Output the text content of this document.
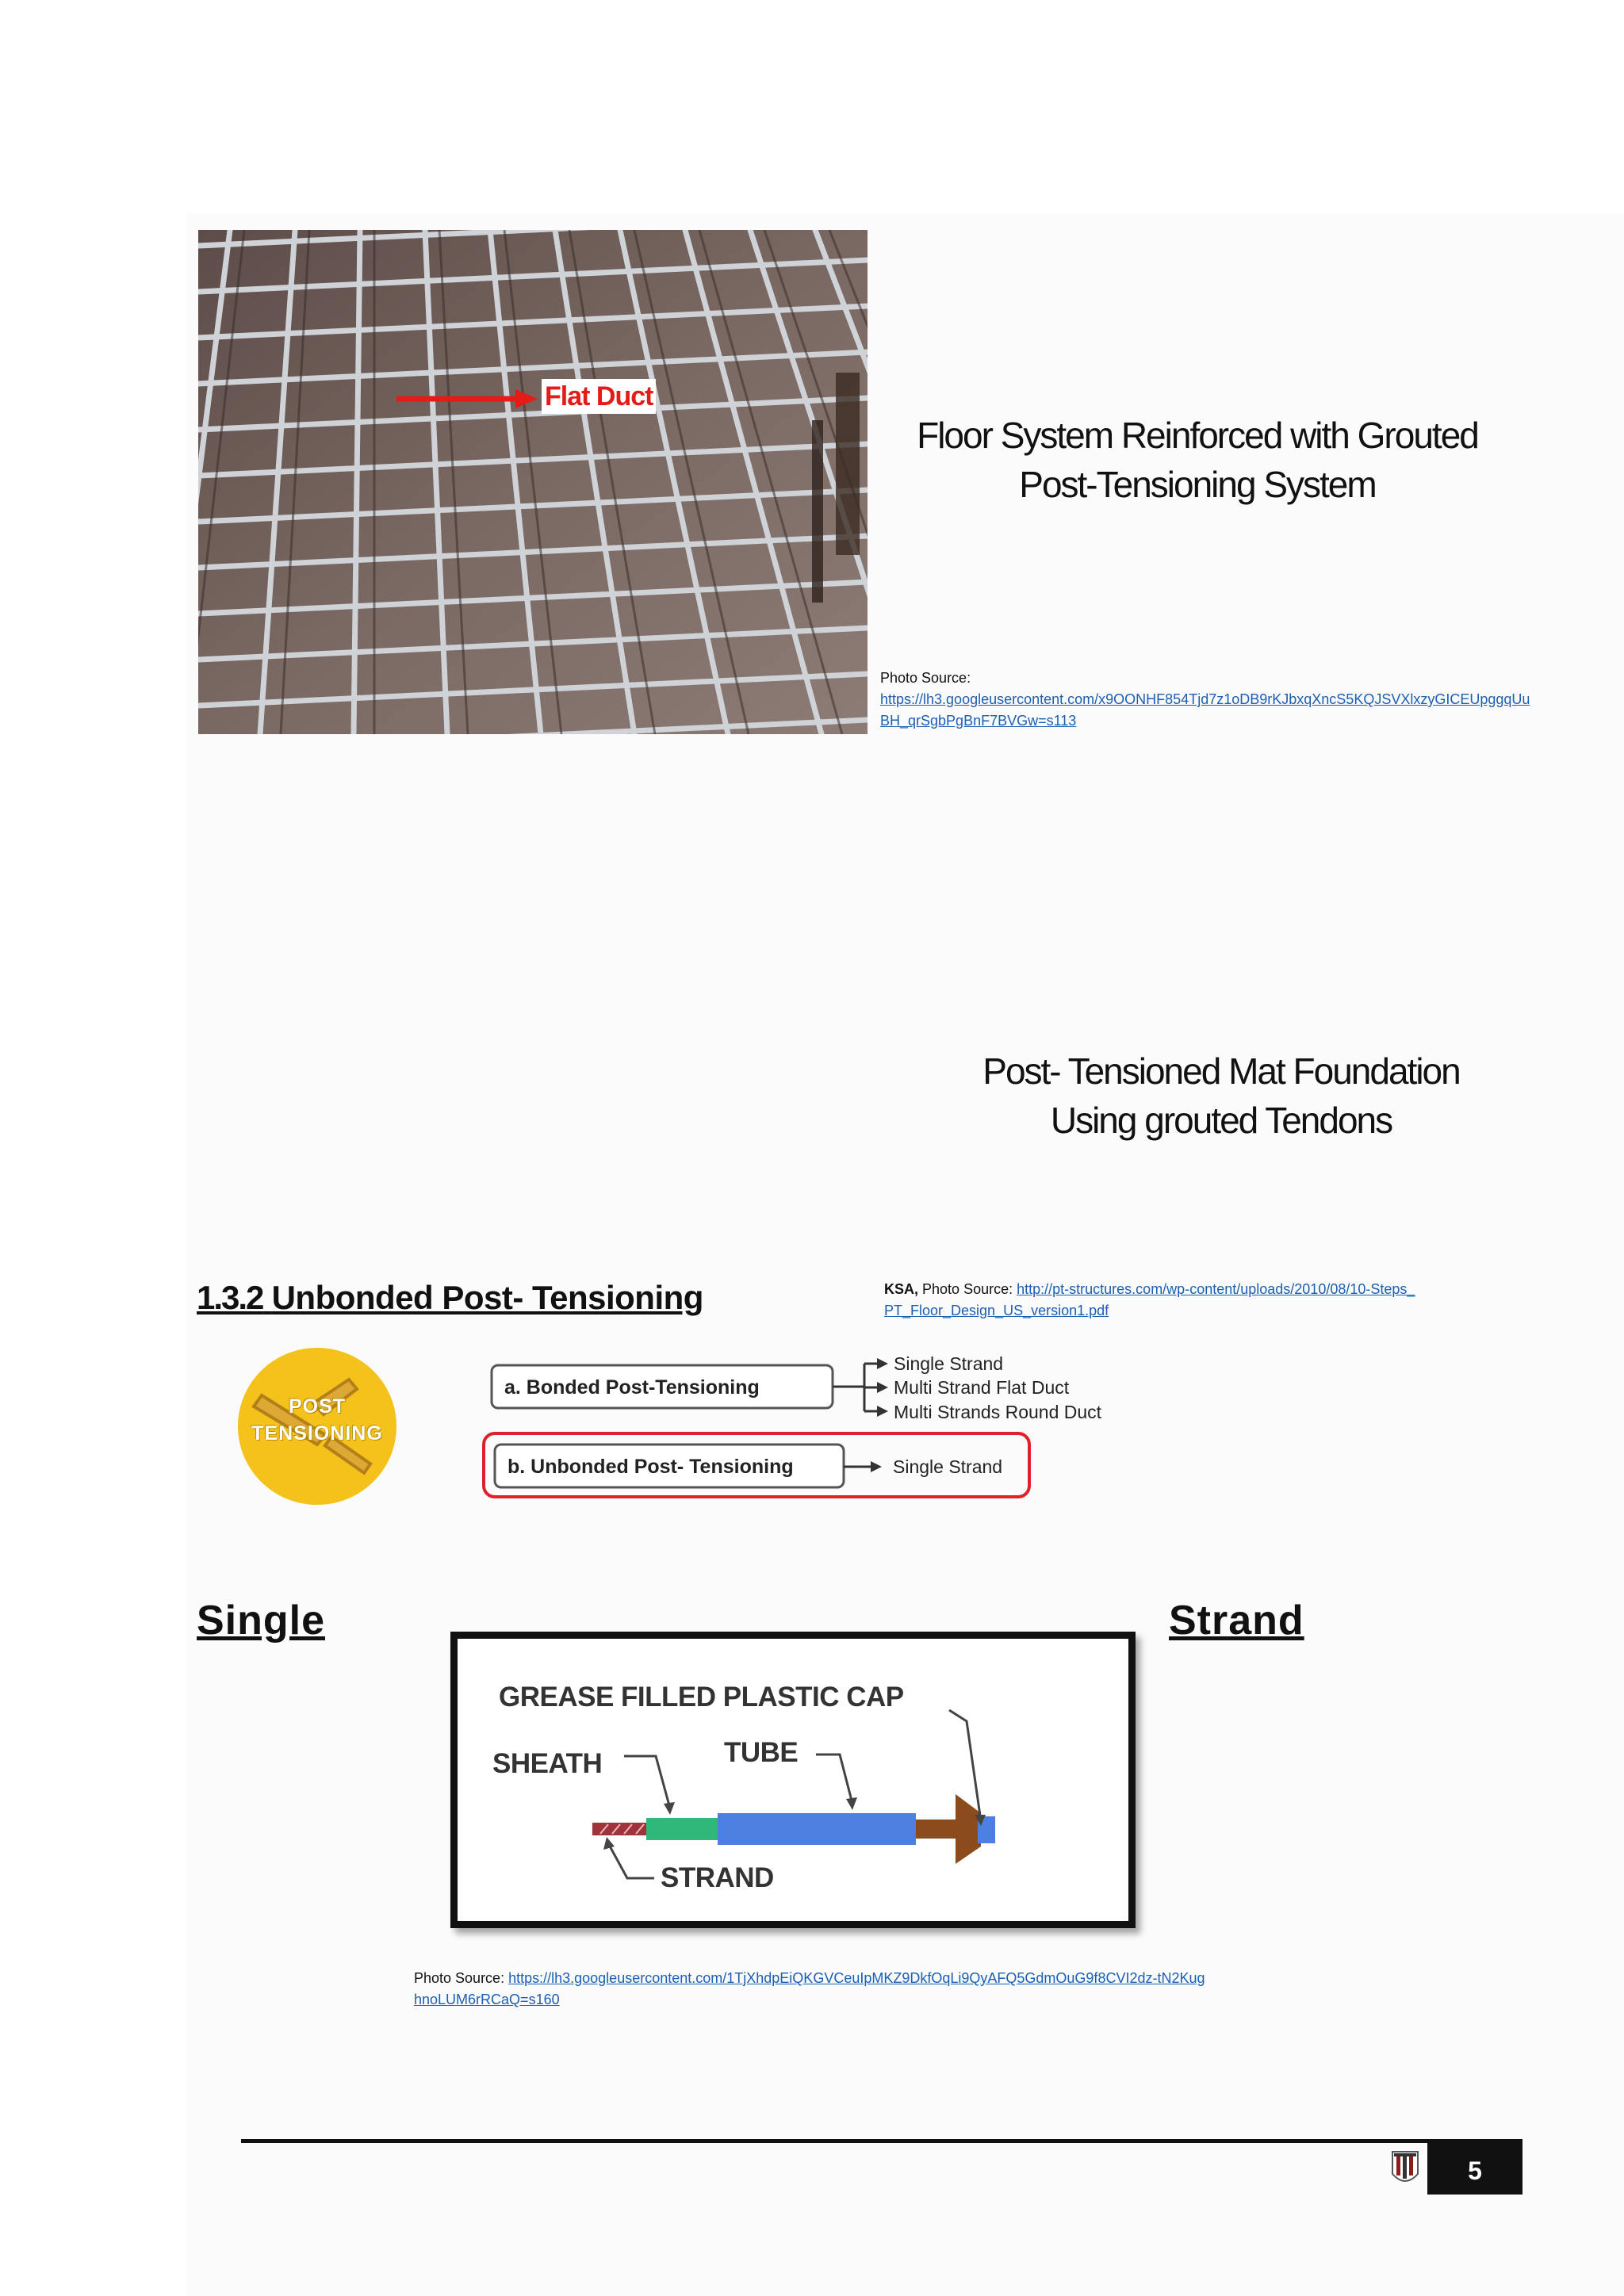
Flat Duct
Floor System Reinforced with Grouted
Post-Tensioning System
Photo Source:
https://lh3.googleusercontent.com/x9OONHF854Tjd7z1oDB9rKJbxqXncS5KQJSVXlxzyGICEUpggqUuBH_qrSgbPgBnF7BVGw=s113
Post- Tensioned Mat Foundation
Using grouted Tendons
1.3.2 Unbonded Post- Tensioning	KSA, Photo Source: http://pt-structures.com/wp-content/uploads/2010/08/10-Steps_PT_Floor_Design_US_version1.pdf
POST
TENSIONING
a. Bonded Post-Tensioning
Single Strand
Multi Strand Flat Duct
Multi Strands Round Duct
b. Unbonded Post- Tensioning	Single Strand
Single	Strand
GREASE FILLED PLASTIC CAP
SHEATH	TUBE
STRAND
Photo Source: https://lh3.googleusercontent.com/1TjXhdpEiQKGVCeuIpMKZ9DkfOqLi9QyAFQ5GdmOuG9f8CVI2dz-tN2KughnoLUM6rRCaQ=s160
5
